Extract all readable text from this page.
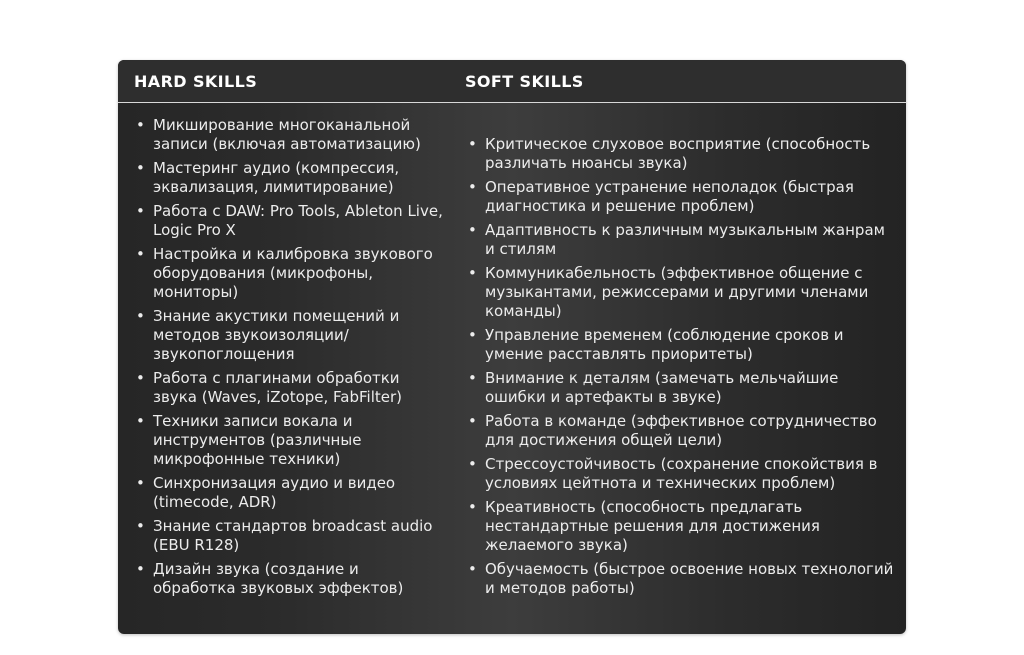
HARD SKILLS	SOFT SKILLS
• Микширование многоканальной записи (включая автоматизацию)
• Мастеринг аудио (компрессия, эквализация, лимитирование)
• Работа с DAW: Pro Tools, Ableton Live, Logic Pro X
• Настройка и калибровка звукового оборудования (микрофоны, мониторы)
• Знание акустики помещений и методов звукоизоляции/ звукопоглощения
• Работа с плагинами обработки звука (Waves, iZotope, FabFilter)
• Техники записи вокала и инструментов (различные микрофонные техники)
• Синхронизация аудио и видео (timecode, ADR)
• Знание стандартов broadcast audio (EBU R128)
• Дизайн звука (создание и обработка звуковых эффектов)
• Критическое слуховое восприятие (способность различать нюансы звука)
• Оперативное устранение неполадок (быстрая диагностика и решение проблем)
• Адаптивность к различным музыкальным жанрам и стилям
• Коммуникабельность (эффективное общение с музыкантами, режиссерами и другими членами команды)
• Управление временем (соблюдение сроков и умение расставлять приоритеты)
• Внимание к деталям (замечать мельчайшие ошибки и артефакты в звуке)
• Работа в команде (эффективное сотрудничество для достижения общей цели)
• Стрессоустойчивость (сохранение спокойствия в условиях цейтнота и технических проблем)
• Креативность (способность предлагать нестандартные решения для достижения желаемого звука)
• Обучаемость (быстрое освоение новых технологий и методов работы)
